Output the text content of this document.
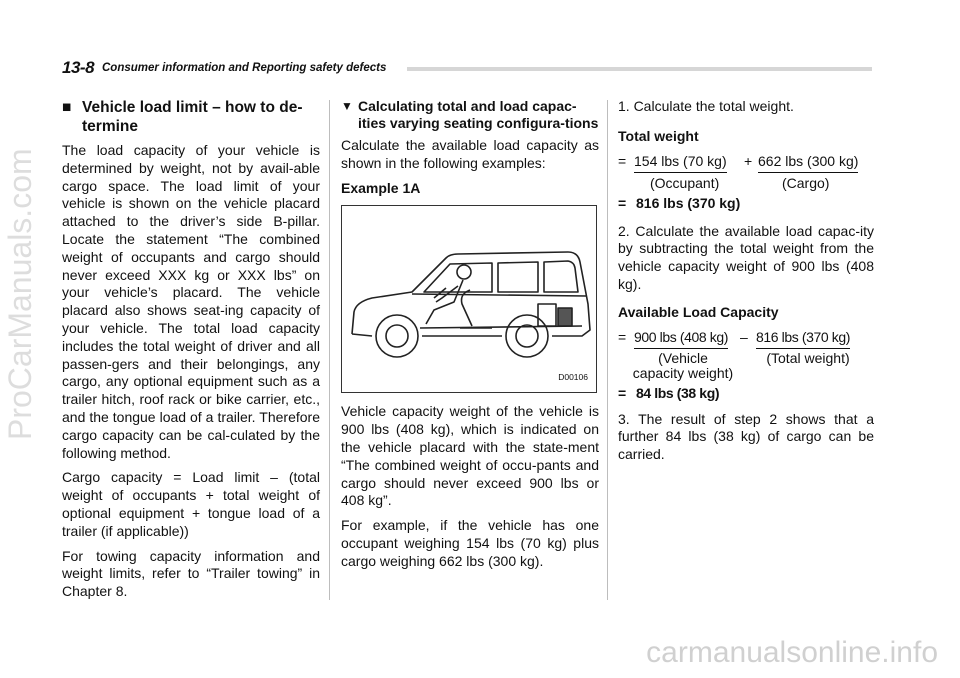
13-8 Consumer information and Reporting safety defects
■ Vehicle load limit – how to de-termine

The load capacity of your vehicle is determined by weight, not by avail-able cargo space. The load limit of your vehicle is shown on the vehicle placard attached to the driver’s side B-pillar. Locate the statement “The combined weight of occupants and cargo should never exceed XXX kg or XXX lbs” on your vehicle’s placard. The vehicle placard also shows seat-ing capacity of your vehicle. The total load capacity includes the total weight of driver and all passen-gers and their belongings, any cargo, any optional equipment such as a trailer hitch, roof rack or bike carrier, etc., and the tongue load of a trailer. Therefore cargo capacity can be cal-culated by the following method.

Cargo capacity = Load limit – (total weight of occupants + total weight of optional equipment + tongue load of a trailer (if applicable))

For towing capacity information and weight limits, refer to “Trailer towing” in Chapter 8.

▼ Calculating total and load capac-ities varying seating configura-tions

Calculate the available load capacity as shown in the following examples:

Example 1A

D00106

Vehicle capacity weight of the vehicle is 900 lbs (408 kg), which is indicated on the vehicle placard with the state-ment “The combined weight of occu-pants and cargo should never exceed 900 lbs or 408 kg”.

For example, if the vehicle has one occupant weighing 154 lbs (70 kg) plus cargo weighing 662 lbs (300 kg).

1. Calculate the total weight.

Total weight

= 154 lbs (70 kg) + 662 lbs (300 kg)
(Occupant)	(Cargo)
= 816 lbs (370 kg)

2. Calculate the available load capac-ity by subtracting the total weight from the vehicle capacity weight of 900 lbs (408 kg).

Available Load Capacity

= 900 lbs (408 kg) – 816 lbs (370 kg)
(Vehicle
capacity weight)
(Total weight)
= 84 lbs (38 kg)

3. The result of step 2 shows that a further 84 lbs (38 kg) of cargo can be carried.

ProCarManuals.com
carmanualsonline.info
